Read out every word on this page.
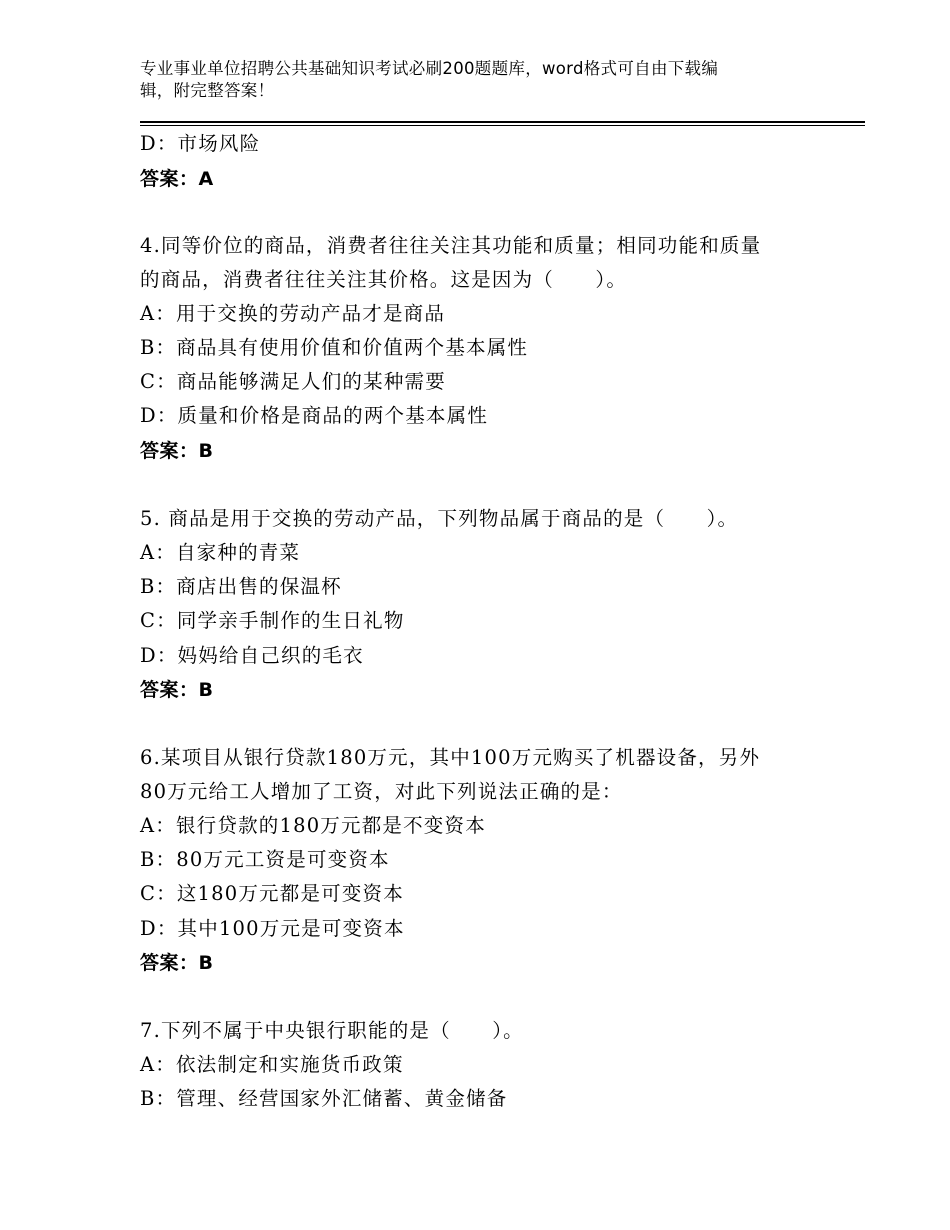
专业事业单位招聘公共基础知识考试必刷200题题库，word格式可自由下载编
辑，附完整答案！
D：市场风险
答案：A
4.同等价位的商品，消费者往往关注其功能和质量；相同功能和质量
的商品，消费者往往关注其价格。这是因为（　　）。
A：用于交换的劳动产品才是商品
B：商品具有使用价值和价值两个基本属性
C：商品能够满足人们的某种需要
D：质量和价格是商品的两个基本属性
答案：B
5. 商品是用于交换的劳动产品，下列物品属于商品的是（　　）。
A：自家种的青菜
B：商店出售的保温杯
C：同学亲手制作的生日礼物
D：妈妈给自己织的毛衣
答案：B
6.某项目从银行贷款180万元，其中100万元购买了机器设备，另外
80万元给工人增加了工资，对此下列说法正确的是：
A：银行贷款的180万元都是不变资本
B：80万元工资是可变资本
C：这180万元都是可变资本
D：其中100万元是可变资本
答案：B
7.下列不属于中央银行职能的是（　　）。
A：依法制定和实施货币政策
B：管理、经营国家外汇储蓄、黄金储备
